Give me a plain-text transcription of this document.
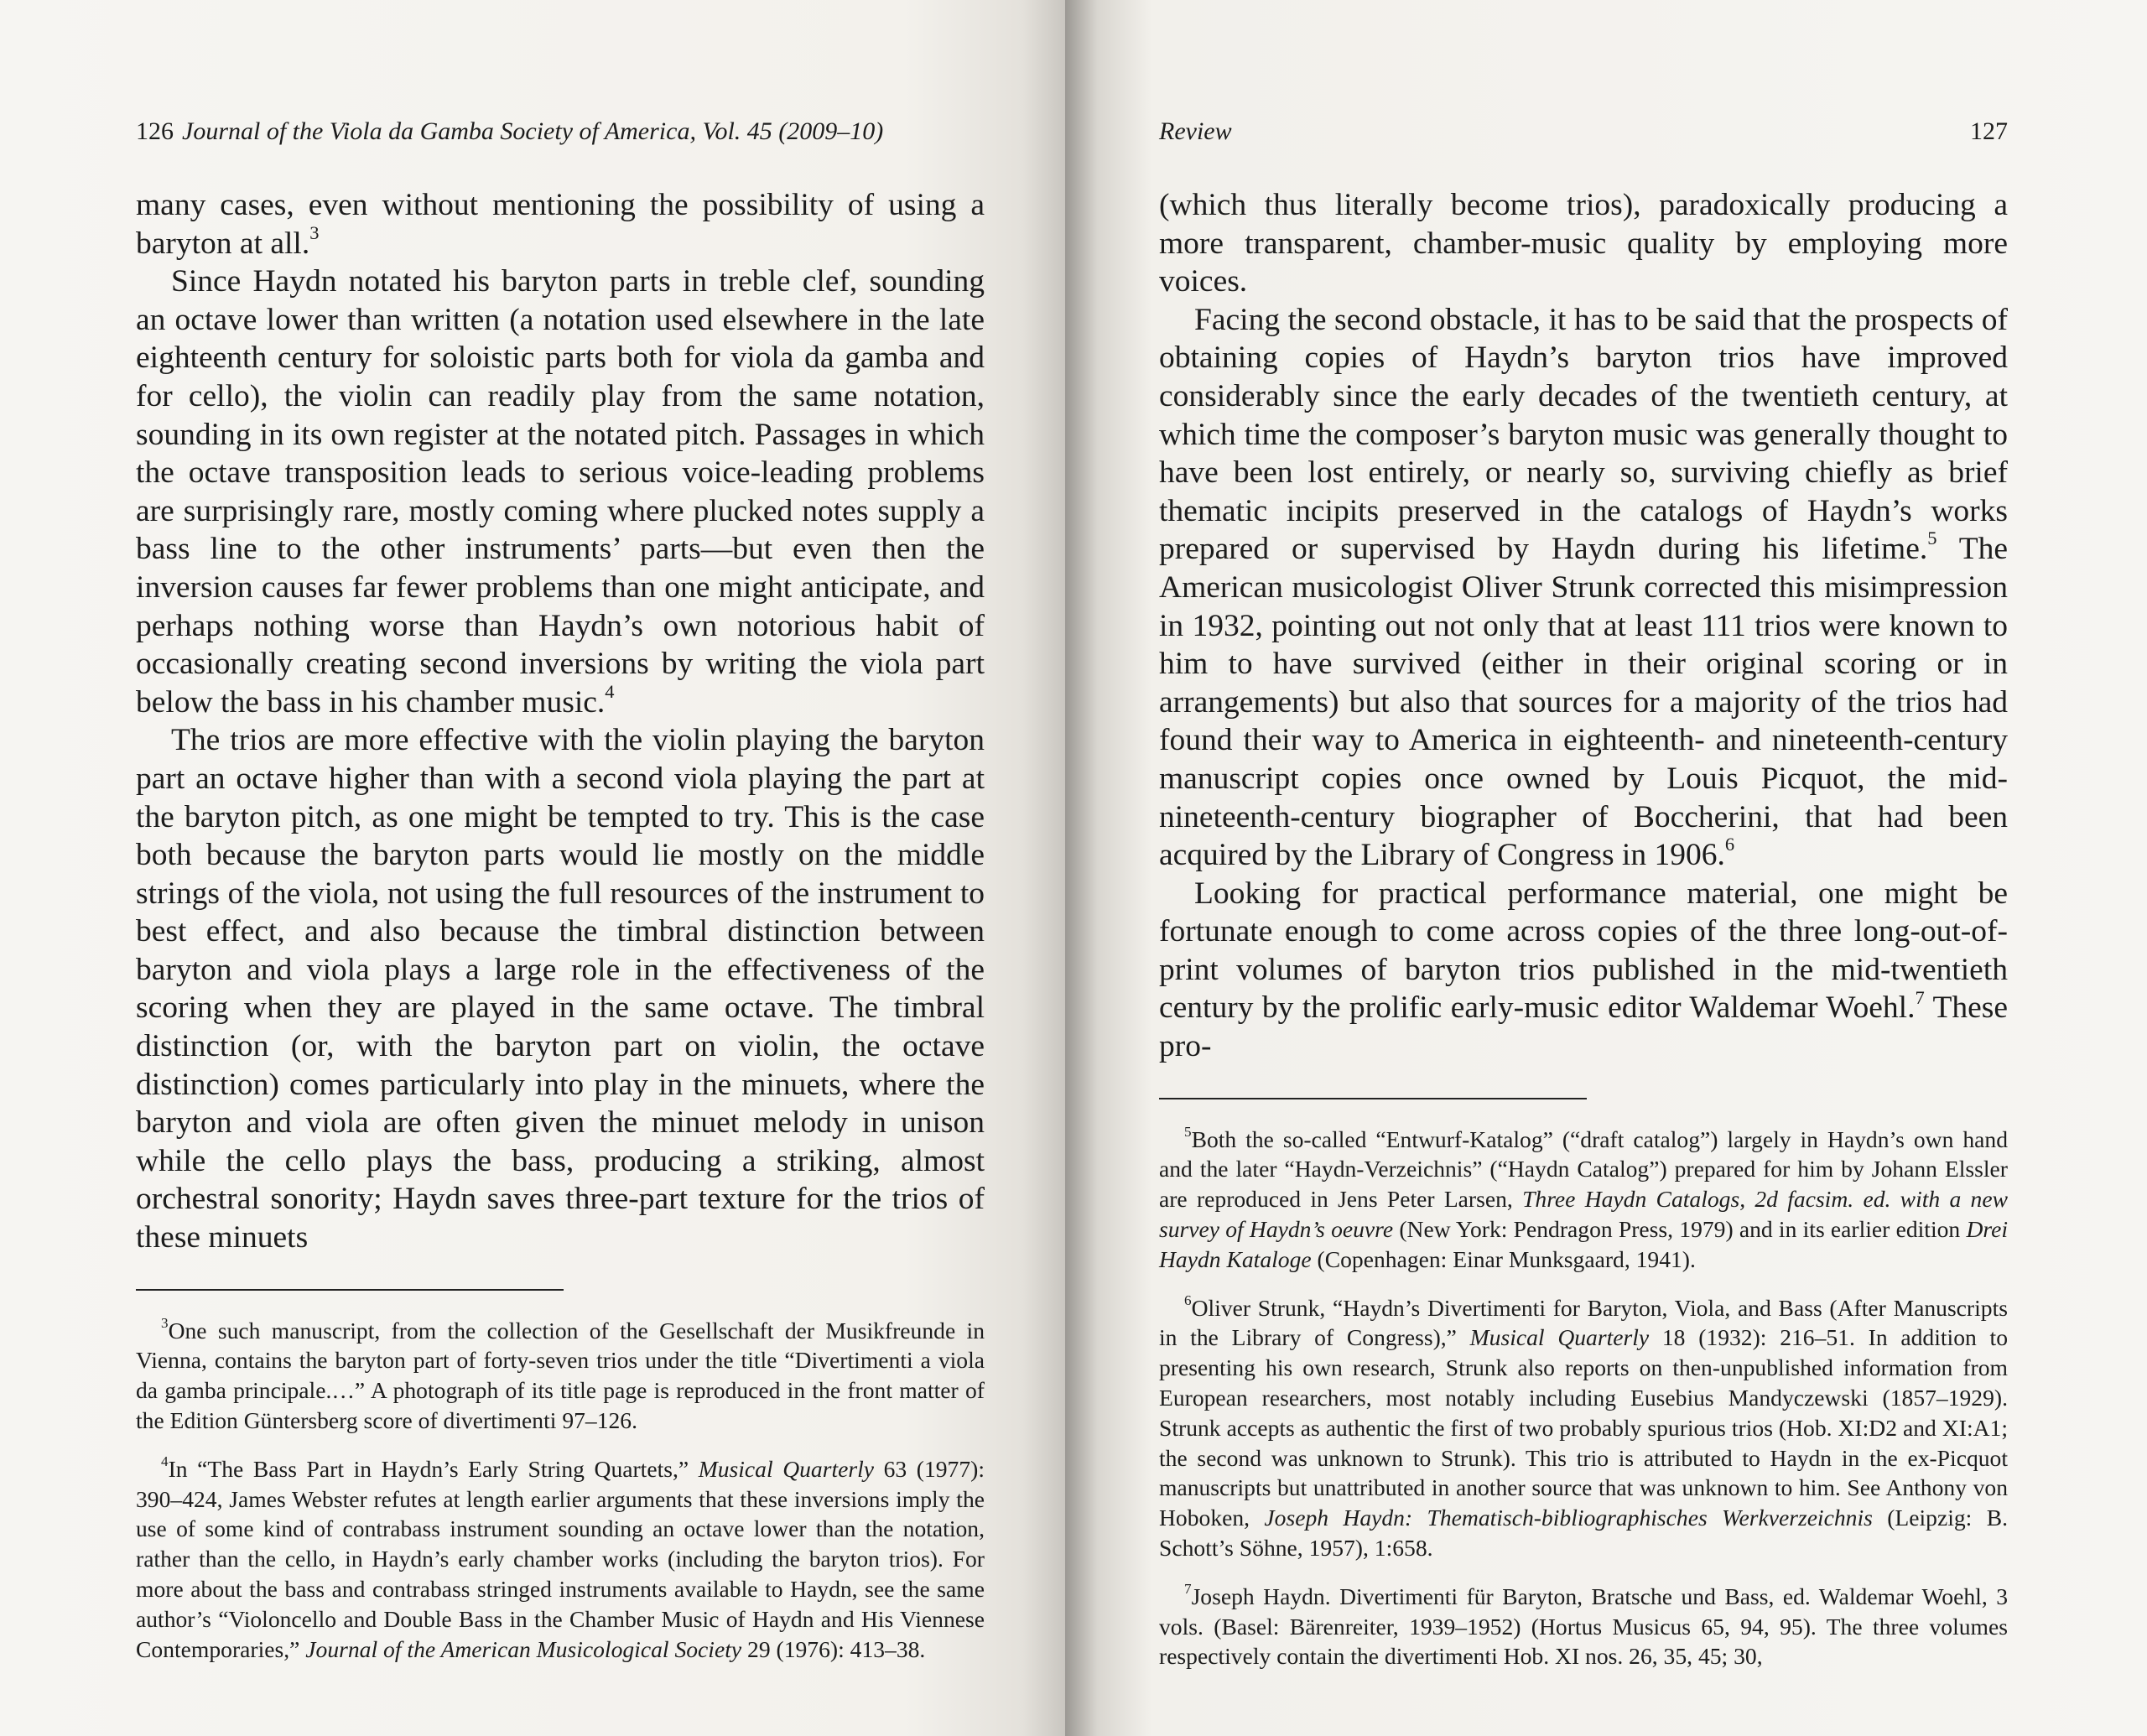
126 Journal of the Viola da Gamba Society of America, Vol. 45 (2009–10)

many cases, even without mentioning the possibility of using a baryton at all.$^3$

Since Haydn notated his baryton parts in treble clef, sounding an octave lower than written (a notation used elsewhere in the late eighteenth century for soloistic parts both for viola da gamba and for cello), the violin can readily play from the same notation, sounding in its own register at the notated pitch. Passages in which the octave transposition leads to serious voice-leading problems are surprisingly rare, mostly coming where plucked notes supply a bass line to the other instruments’ parts—but even then the inversion causes far fewer problems than one might anticipate, and perhaps nothing worse than Haydn’s own notorious habit of occasionally creating second inversions by writing the viola part below the bass in his chamber music.$^4$

The trios are more effective with the violin playing the baryton part an octave higher than with a second viola playing the part at the baryton pitch, as one might be tempted to try. This is the case both because the baryton parts would lie mostly on the middle strings of the viola, not using the full resources of the instrument to best effect, and also because the timbral distinction between baryton and viola plays a large role in the effectiveness of the scoring when they are played in the same octave. The timbral distinction (or, with the baryton part on violin, the octave distinction) comes particularly into play in the minuets, where the baryton and viola are often given the minuet melody in unison while the cello plays the bass, producing a striking, almost orchestral sonority; Haydn saves three-part texture for the trios of these minuets

$^3$One such manuscript, from the collection of the Gesellschaft der Musikfreunde in Vienna, contains the baryton part of forty-seven trios under the title “Divertimenti a viola da gamba principale.…” A photograph of its title page is reproduced in the front matter of the Edition Güntersberg score of divertimenti 97–126.

$^4$In “The Bass Part in Haydn’s Early String Quartets,” Musical Quarterly 63 (1977): 390–424, James Webster refutes at length earlier arguments that these inversions imply the use of some kind of contrabass instrument sounding an octave lower than the notation, rather than the cello, in Haydn’s early chamber works (including the baryton trios). For more about the bass and contrabass stringed instruments available to Haydn, see the same author’s “Violoncello and Double Bass in the Chamber Music of Haydn and His Viennese Contemporaries,” Journal of the American Musicological Society 29 (1976): 413–38.

Review	127

(which thus literally become trios), paradoxically producing a more transparent, chamber-music quality by employing more voices.

Facing the second obstacle, it has to be said that the prospects of obtaining copies of Haydn’s baryton trios have improved considerably since the early decades of the twentieth century, at which time the composer’s baryton music was generally thought to have been lost entirely, or nearly so, surviving chiefly as brief thematic incipits preserved in the catalogs of Haydn’s works prepared or supervised by Haydn during his lifetime.$^5$ The American musicologist Oliver Strunk corrected this misimpression in 1932, pointing out not only that at least 111 trios were known to him to have survived (either in their original scoring or in arrangements) but also that sources for a majority of the trios had found their way to America in eighteenth- and nineteenth-century manuscript copies once owned by Louis Picquot, the mid-nineteenth-century biographer of Boccherini, that had been acquired by the Library of Congress in 1906.$^6$

Looking for practical performance material, one might be fortunate enough to come across copies of the three long-out-of-print volumes of baryton trios published in the mid-twentieth century by the prolific early-music editor Waldemar Woehl.$^7$ These pro-

$^5$Both the so-called “Entwurf-Katalog” (“draft catalog”) largely in Haydn’s own hand and the later “Haydn-Verzeichnis” (“Haydn Catalog”) prepared for him by Johann Elssler are reproduced in Jens Peter Larsen, Three Haydn Catalogs, 2d facsim. ed. with a new survey of Haydn’s oeuvre (New York: Pendragon Press, 1979) and in its earlier edition Drei Haydn Kataloge (Copenhagen: Einar Munksgaard, 1941).

$^6$Oliver Strunk, “Haydn’s Divertimenti for Baryton, Viola, and Bass (After Manuscripts in the Library of Congress),” Musical Quarterly 18 (1932): 216–51. In addition to presenting his own research, Strunk also reports on then-unpublished information from European researchers, most notably including Eusebius Mandyczewski (1857–1929). Strunk accepts as authentic the first of two probably spurious trios (Hob. XI:D2 and XI:A1; the second was unknown to Strunk). This trio is attributed to Haydn in the ex-Picquot manuscripts but unattributed in another source that was unknown to him. See Anthony von Hoboken, Joseph Haydn: Thematisch-bibliographisches Werkverzeichnis (Leipzig: B. Schott’s Söhne, 1957), 1:658.

$^7$Joseph Haydn. Divertimenti für Baryton, Bratsche und Bass, ed. Waldemar Woehl, 3 vols. (Basel: Bärenreiter, 1939–1952) (Hortus Musicus 65, 94, 95). The three volumes respectively contain the divertimenti Hob. XI nos. 26, 35, 45; 30,
